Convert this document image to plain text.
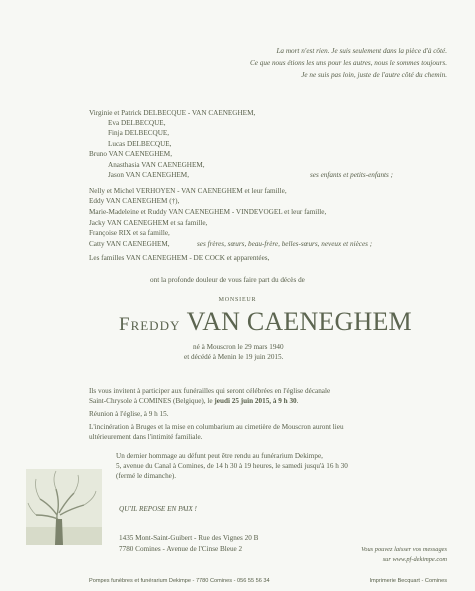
La mort n'est rien. Je suis seulement dans la pièce d'à côté.
Ce que nous étions les uns pour les autres, nous le sommes toujours.
Je ne suis pas loin, juste de l'autre côté du chemin.
Virginie et Patrick DELBECQUE - VAN CAENEGHEM,
Eva DELBECQUE,
Finja DELBECQUE,
Lucas DELBECQUE,
Bruno VAN CAENEGHEM,
Anasthasia VAN CAENEGHEM,
Jason VAN CAENEGHEM,	ses enfants et petits-enfants ;
Nelly et Michel VERHOYEN - VAN CAENEGHEM et leur famille,
Eddy VAN CAENEGHEM (†),
Marie-Madeleine et Ruddy VAN CAENEGHEM - VINDEVOGEL et leur famille,
Jacky VAN CAENEGHEM et sa famille,
Françoise RIX et sa famille,
Catty VAN CAENEGHEM,	ses frères, sœurs, beau-frère, belles-sœurs, neveux et nièces ;
Les familles VAN CAENEGHEM - DE COCK et apparentées,
ont la profonde douleur de vous faire part du décès de
MONSIEUR
Freddy VAN CAENEGHEM
né à Mouscron le 29 mars 1940
et décédé à Menin le 19 juin 2015.
Ils vous invitent à participer aux funérailles qui seront célébrées en l'église décanale
Saint-Chrysole à COMINES (Belgique), le jeudi 25 juin 2015, à 9 h 30.
Réunion à l'église, à 9 h 15.
L'incinération à Bruges et la mise en columbarium au cimetière de Mouscron auront lieu
ultérieurement dans l'intimité familiale.
Un dernier hommage au défunt peut être rendu au funérarium Dekimpe,
5, avenue du Canal à Comines, de 14 h 30 à 19 heures, le samedi jusqu'à 16 h 30
(fermé le dimanche).
QU'IL REPOSE EN PAIX !
1435 Mont-Saint-Guibert - Rue des Vignes 20 B
7780 Comines - Avenue de l'Cinse Bleue 2	Vous pouvez laisser vos messages
sur www.pf-dekimpe.com
Pompes funèbres et funérarium Dekimpe - 7780 Comines - 056 55 56 34	Imprimerie Becquart - Comines
